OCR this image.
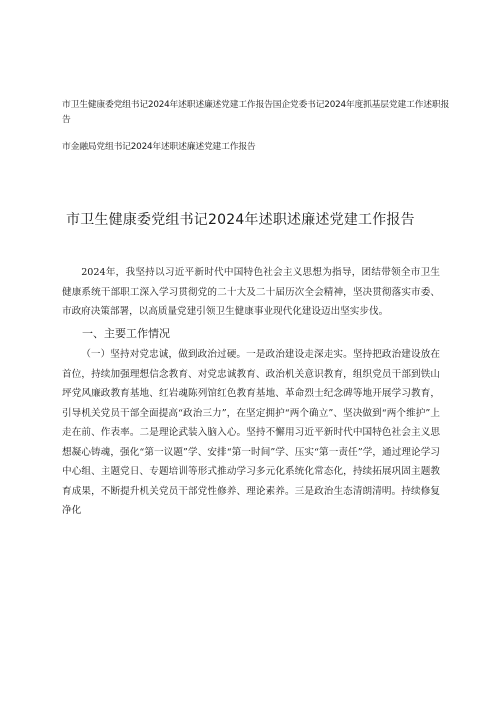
市卫生健康委党组书记2024年述职述廉述党建工作报告国企党委书记2024年度抓基层党建工作述职报告
市金融局党组书记2024年述职述廉述党建工作报告
市卫生健康委党组书记2024年述职述廉述党建工作报告

2024年，我坚持以习近平新时代中国特色社会主义思想为指导，团结带领全市卫生健康系统干部职工深入学习贯彻党的二十大及二十届历次全会精神，坚决贯彻落实市委、市政府决策部署，以高质量党建引领卫生健康事业现代化建设迈出坚实步伐。

一、主要工作情况

（一）坚持对党忠诚，做到政治过硬。一是政治建设走深走实。坚持把政治建设放在首位，持续加强理想信念教育、对党忠诚教育、政治机关意识教育，组织党员干部到铁山坪党风廉政教育基地、红岩魂陈列馆红色教育基地、革命烈士纪念碑等地开展学习教育，引导机关党员干部全面提高“政治三力”，在坚定拥护“两个确立”、坚决做到“两个维护”上走在前、作表率。二是理论武装入脑入心。坚持不懈用习近平新时代中国特色社会主义思想凝心铸魂，强化“第一议题”学、安排“第一时间”学、压实“第一责任”学，通过理论学习中心组、主题党日、专题培训等形式推动学习多元化系统化常态化，持续拓展巩固主题教育成果，不断提升机关党员干部党性修养、理论素养。三是政治生态清朗清明。持续修复净化
